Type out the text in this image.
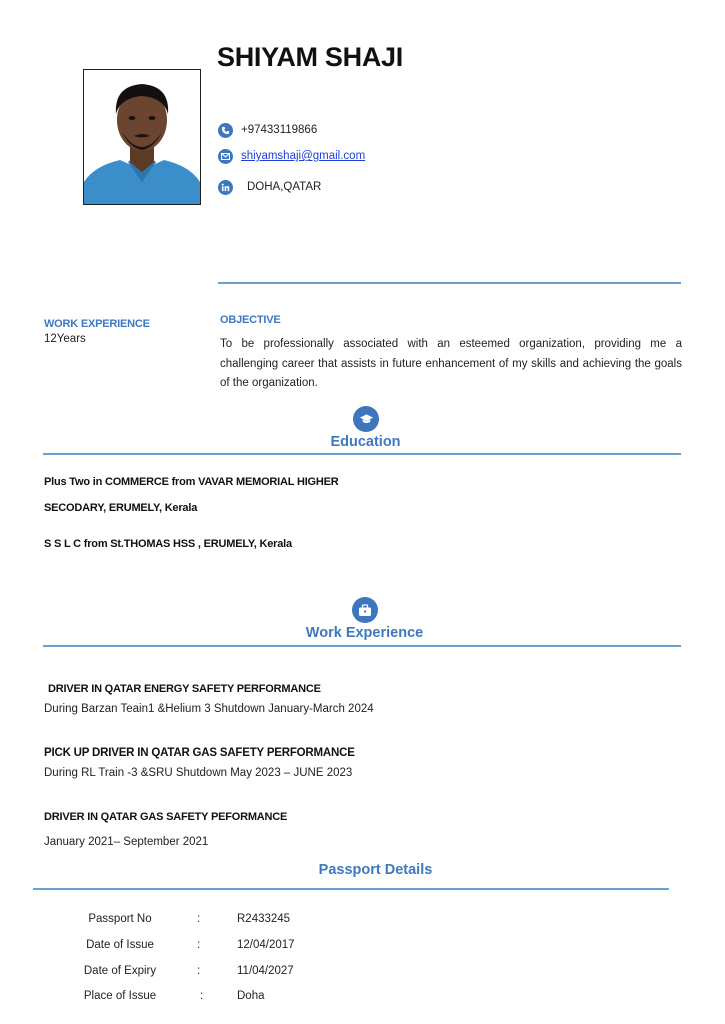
SHIYAM SHAJI
+97433119866
shiyamshaji@gmail.com
DOHA,QATAR
WORK EXPERIENCE
12Years
OBJECTIVE
To be professionally associated with an esteemed organization, providing me a challenging career that assists in future enhancement of my skills and achieving the goals of the organization.
Education
Plus Two in COMMERCE from VAVAR MEMORIAL HIGHER
SECODARY, ERUMELY, Kerala
S S L C from St.THOMAS HSS , ERUMELY, Kerala
Work Experience
DRIVER IN QATAR ENERGY SAFETY PERFORMANCE
During Barzan Teain1 &Helium 3 Shutdown January-March 2024
PICK UP DRIVER IN QATAR GAS SAFETY PERFORMANCE
During RL Train -3 &SRU Shutdown May 2023 – JUNE 2023
DRIVER IN QATAR GAS SAFETY PEFORMANCE
January 2021– September 2021
Passport Details
Passport No	:	R2433245
Date of Issue	:	12/04/2017
Date of Expiry	:	11/04/2027
Place of Issue	:	Doha
